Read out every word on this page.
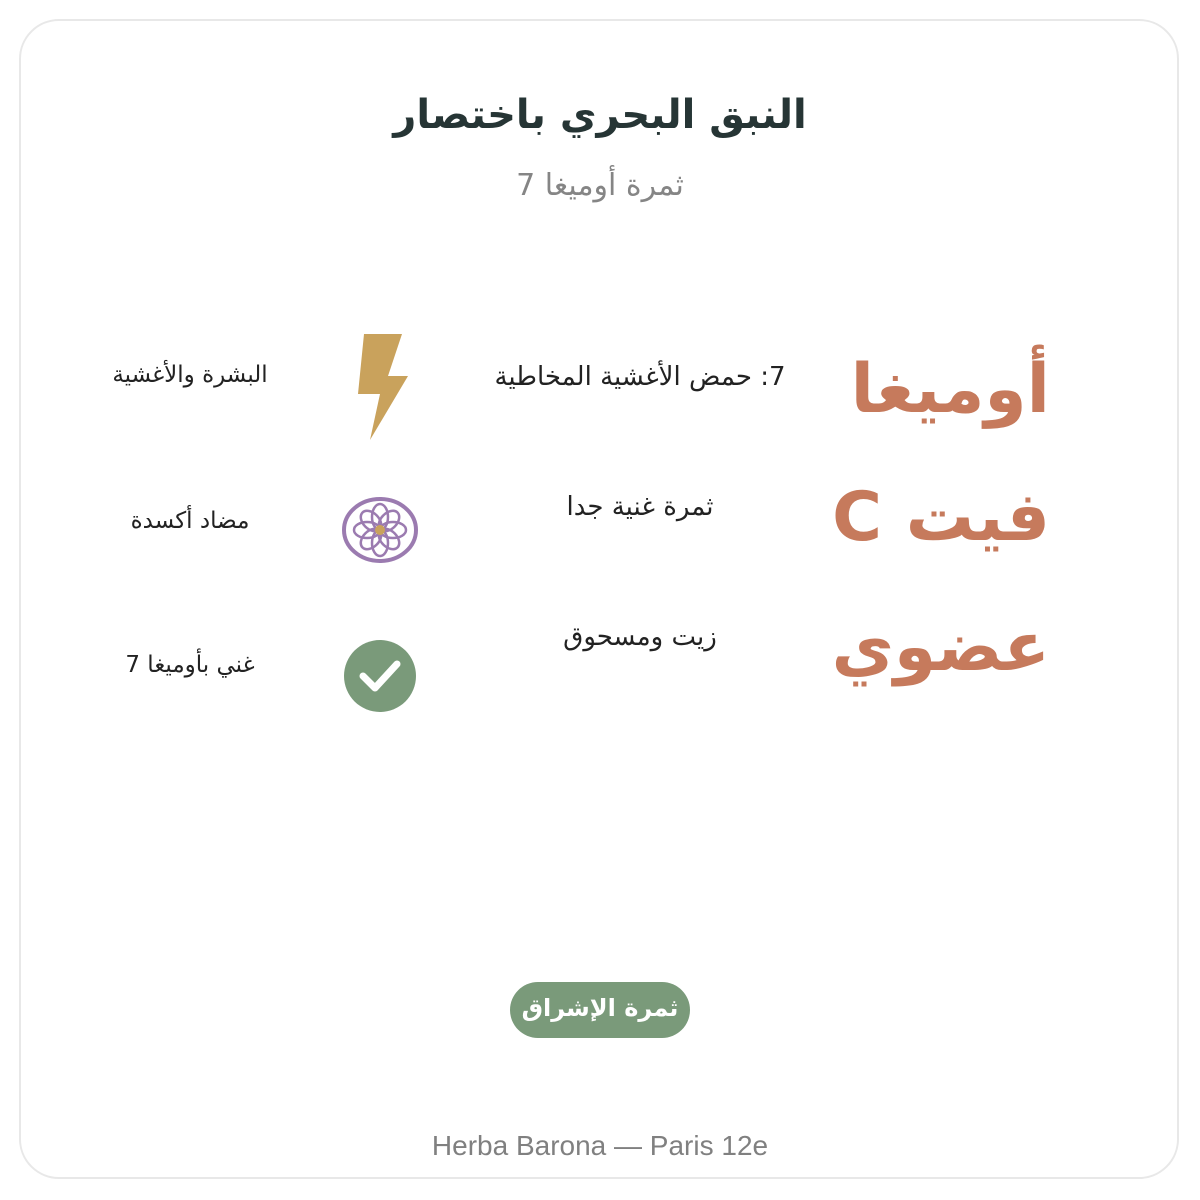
النبق البحري باختصار
ثمرة أوميغا 7
أوميغا
7: حمض الأغشية المخاطية
البشرة والأغشية
فيت C
ثمرة غنية جدا
مضاد أكسدة
عضوي
زيت ومسحوق
غني بأوميغا 7
ثمرة الإشراق
Herba Barona — Paris 12e
